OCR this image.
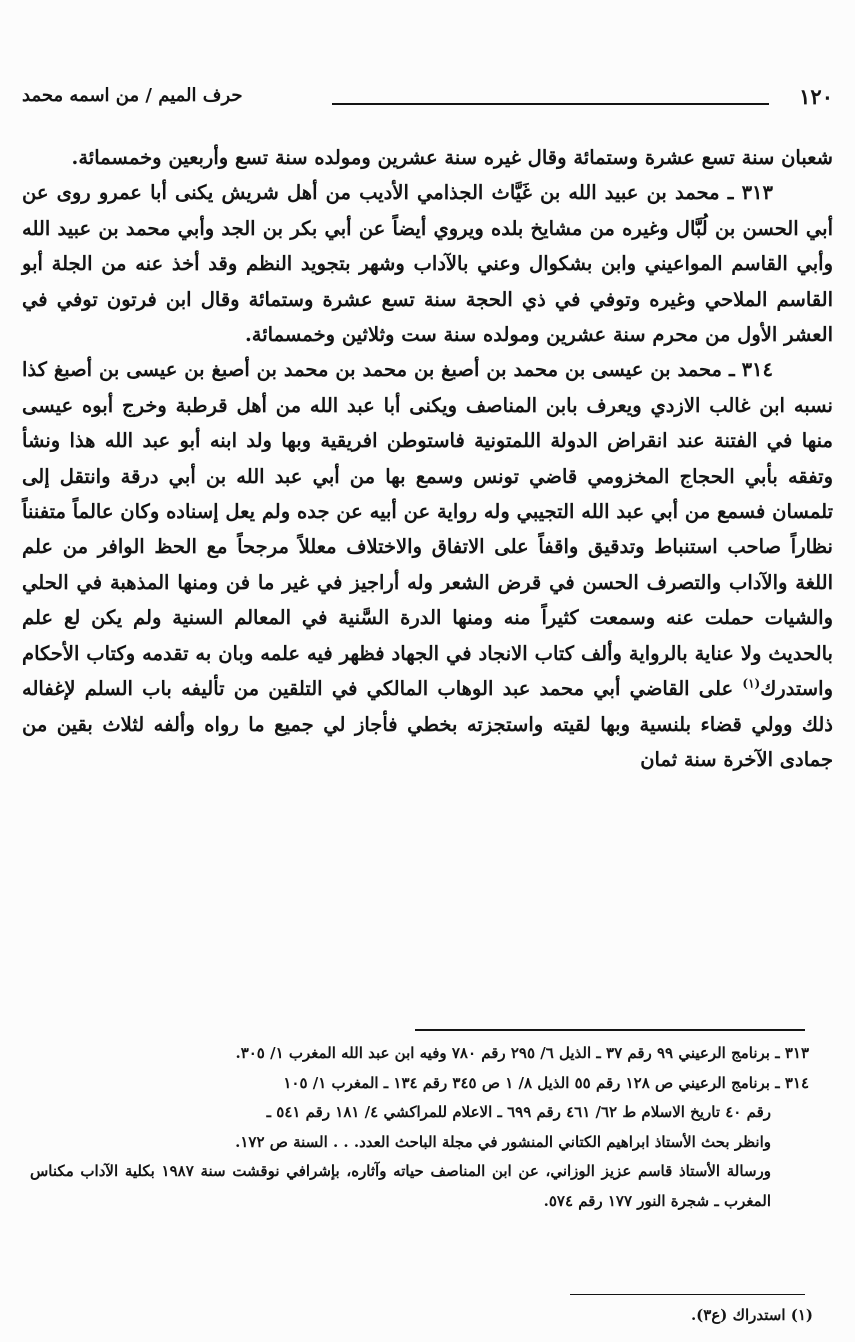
١٢٠
حرف الميم / من اسمه محمد

شعبان سنة تسع عشرة وستمائة وقال غيره سنة عشرين ومولده سنة تسع وأربعين وخمسمائة.

٣١٣ ـ محمد بن عبيد الله بن غَيَّاث الجذامي الأديب من أهل شريش يكنى أبا عمرو روى عن أبي الحسن بن لُبَّال وغيره من مشايخ بلده ويروي أيضاً عن أبي بكر بن الجد وأبي محمد بن عبيد الله وأبي القاسم المواعيني وابن بشكوال وعني بالآداب وشهر بتجويد النظم وقد أخذ عنه من الجلة أبو القاسم الملاحي وغيره وتوفي في ذي الحجة سنة تسع عشرة وستمائة وقال ابن فرتون توفي في العشر الأول من محرم سنة عشرين ومولده سنة ست وثلاثين وخمسمائة.

٣١٤ ـ محمد بن عيسى بن محمد بن أصبغ بن محمد بن محمد بن أصبغ بن عيسى بن أصبغ كذا نسبه ابن غالب الازدي ويعرف بابن المناصف ويكنى أبا عبد الله من أهل قرطبة وخرج أبوه عيسى منها في الفتنة عند انقراض الدولة اللمتونية فاستوطن افريقية وبها ولد ابنه أبو عبد الله هذا ونشأ وتفقه بأبي الحجاج المخزومي قاضي تونس وسمع بها من أبي عبد الله بن أبي درقة وانتقل إلى تلمسان فسمع من أبي عبد الله التجيبي وله رواية عن أبيه عن جده ولم يعل إسناده وكان عالماً متفنناً نظاراً صاحب استنباط وتدقيق واقفاً على الاتفاق والاختلاف معللاً مرجحاً مع الحظ الوافر من علم اللغة والآداب والتصرف الحسن في قرض الشعر وله أراجيز في غير ما فن ومنها المذهبة في الحلي والشيات حملت عنه وسمعت كثيراً منه ومنها الدرة السَّنية في المعالم السنية ولم يكن لع علم بالحديث ولا عناية بالرواية وألف كتاب الانجاد في الجهاد فظهر فيه علمه وبان به تقدمه وكتاب الأحكام واستدرك$^{(١)}$ على القاضي أبي محمد عبد الوهاب المالكي في التلقين من تأليفه باب السلم لإغفاله ذلك وولي قضاء بلنسية وبها لقيته واستجزته بخطي فأجاز لي جميع ما رواه وألفه لثلاث بقين من جمادى الآخرة سنة ثمان

٣١٣ ـ برنامج الرعيني ٩٩ رقم ٣٧ ـ الذيل ٦/ ٢٩٥ رقم ٧٨٠ وفيه ابن عبد الله المغرب ١/ ٣٠٥.

٣١٤ ـ برنامج الرعيني ص ١٢٨ رقم ٥٥ الذيل ٨/ ١ ص ٣٤٥ رقم ١٣٤ ـ المغرب ١/ ١٠٥

رقم ٤٠ تاريخ الاسلام ط ٦٢/ ٤٦١ رقم ٦٩٩ ـ الاعلام للمراكشي ٤/ ١٨١ رقم ٥٤١ ـ

وانظر بحث الأستاذ ابراهيم الكتاني المنشور في مجلة الباحث العدد. . . السنة ص ١٧٢.

ورسالة الأستاذ قاسم عزيز الوزاني، عن ابن المناصف حياته وآثاره، بإشرافي نوقشت سنة ١٩٨٧ بكلية الآداب مكناس المغرب ـ شجرة النور ١٧٧ رقم ٥٧٤.

(١) استدراك (ع٣).
